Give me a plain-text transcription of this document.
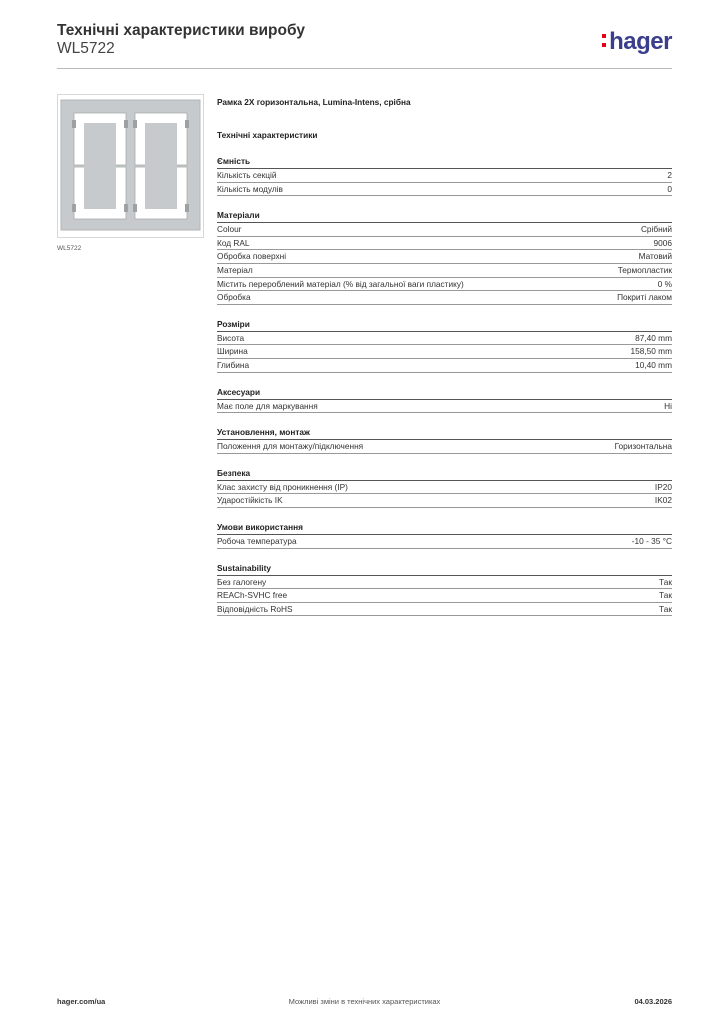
Технічні характеристики виробу
WL5722	hager
WL5722
Рамка 2X горизонтальна, Lumina-Intens, срібна
Технічні характеристики
Ємність
Кількість секцій	2
Кількість модулів	0
Матеріали
Colour	Срібний
Код RAL	9006
Обробка поверхні	Матовий
Матеріал	Термопластик
Містить перероблений матеріал (% від загальної ваги пластику)	0 %
Обробка	Покриті лаком
Розміри
Висота	87,40 mm
Ширина	158,50 mm
Глибина	10,40 mm
Аксесуари
Має поле для маркування	Ні
Установлення, монтаж
Положення для монтажу/підключення	Горизонтальна
Безпека
Клас захисту від проникнення (IP)	IP20
Ударостійкість IK	IK02
Умови використання
Робоча температура	-10 - 35 °C
Sustainability
Без галогену	Так
REACh-SVHC free	Так
Відповідність RoHS	Так
hager.com/ua	Можливі зміни в технічних характеристиках	04.03.2026
